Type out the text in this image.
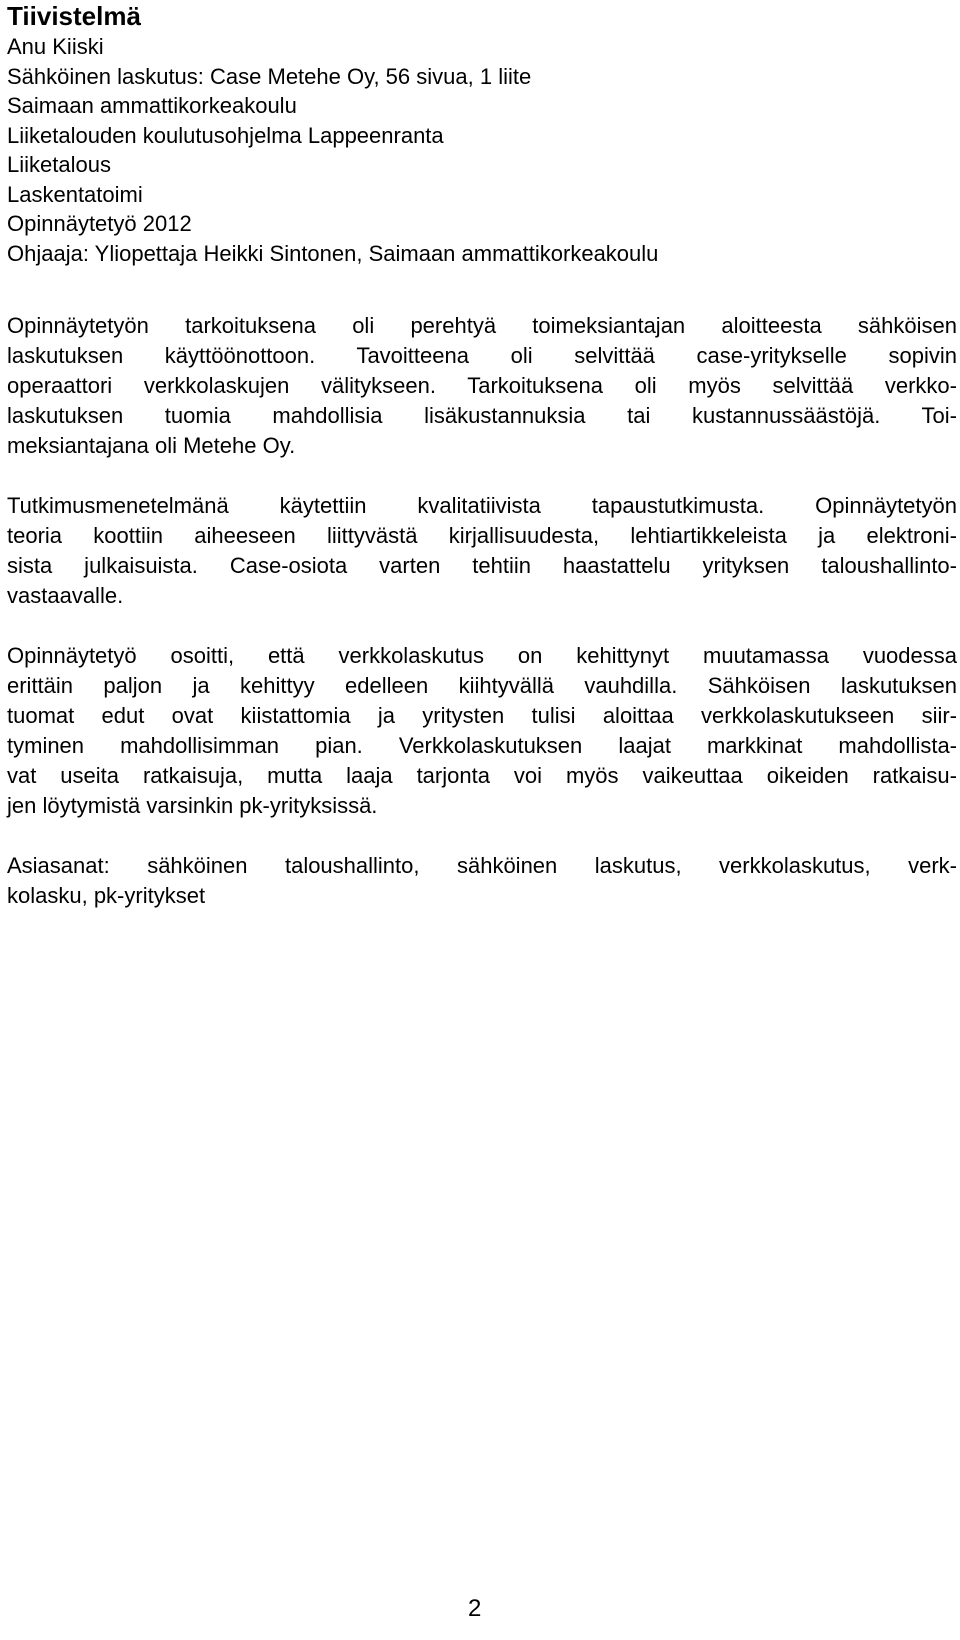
Tiivistelmä

Anu Kiiski

Sähköinen laskutus: Case Metehe Oy, 56 sivua, 1 liite

Saimaan ammattikorkeakoulu

Liiketalouden koulutusohjelma Lappeenranta

Liiketalous

Laskentatoimi

Opinnäytetyö 2012

Ohjaaja: Yliopettaja Heikki Sintonen, Saimaan ammattikorkeakoulu

Opinnäytetyön tarkoituksena oli perehtyä toimeksiantajan aloitteesta sähköisen
laskutuksen käyttöönottoon. Tavoitteena oli selvittää case-yritykselle sopivin
operaattori verkkolaskujen välitykseen. Tarkoituksena oli myös selvittää verkko-
laskutuksen tuomia mahdollisia lisäkustannuksia tai kustannussäästöjä. Toi-
meksiantajana oli Metehe Oy.
Tutkimusmenetelmänä käytettiin kvalitatiivista tapaustutkimusta. Opinnäytetyön
teoria koottiin aiheeseen liittyvästä kirjallisuudesta, lehtiartikkeleista ja elektroni-
sista julkaisuista. Case-osiota varten tehtiin haastattelu yrityksen taloushallinto-
vastaavalle.
Opinnäytetyö osoitti, että verkkolaskutus on kehittynyt muutamassa vuodessa
erittäin paljon ja kehittyy edelleen kiihtyvällä vauhdilla. Sähköisen laskutuksen
tuomat edut ovat kiistattomia ja yritysten tulisi aloittaa verkkolaskutukseen siir-
tyminen mahdollisimman pian. Verkkolaskutuksen laajat markkinat mahdollista-
vat useita ratkaisuja, mutta laaja tarjonta voi myös vaikeuttaa oikeiden ratkaisu-
jen löytymistä varsinkin pk-yrityksissä.
Asiasanat: sähköinen taloushallinto, sähköinen laskutus, verkkolaskutus, verk-
kolasku, pk-yritykset
2
